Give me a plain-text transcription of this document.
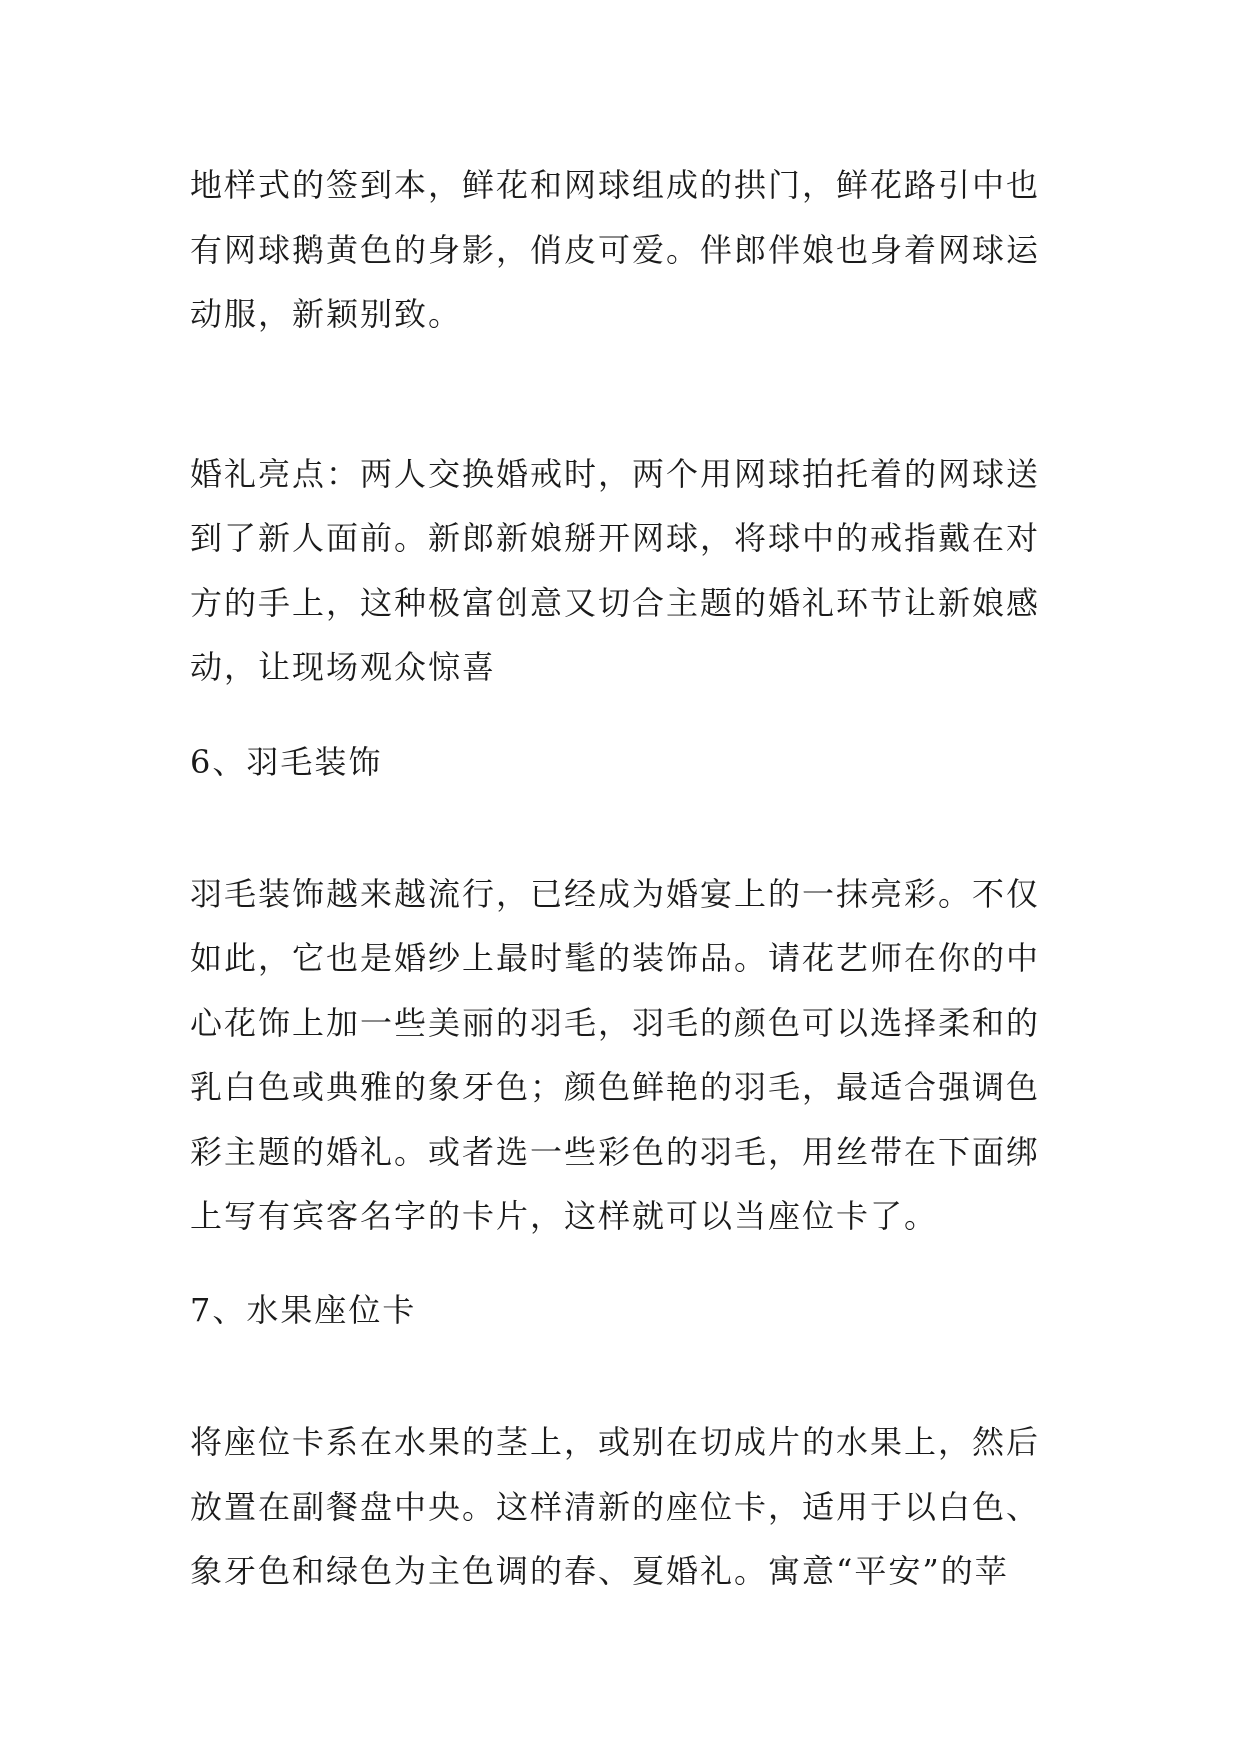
地样式的签到本，鲜花和网球组成的拱门，鲜花路引中也
有网球鹅黄色的身影，俏皮可爱。伴郎伴娘也身着网球运
动服，新颖别致。
婚礼亮点：两人交换婚戒时，两个用网球拍托着的网球送
到了新人面前。新郎新娘掰开网球，将球中的戒指戴在对
方的手上，这种极富创意又切合主题的婚礼环节让新娘感
动，让现场观众惊喜
6、羽毛装饰
羽毛装饰越来越流行，已经成为婚宴上的一抹亮彩。不仅
如此，它也是婚纱上最时髦的装饰品。请花艺师在你的中
心花饰上加一些美丽的羽毛，羽毛的颜色可以选择柔和的
乳白色或典雅的象牙色；颜色鲜艳的羽毛，最适合强调色
彩主题的婚礼。或者选一些彩色的羽毛，用丝带在下面绑
上写有宾客名字的卡片，这样就可以当座位卡了。
7、水果座位卡
将座位卡系在水果的茎上，或别在切成片的水果上，然后
放置在副餐盘中央。这样清新的座位卡，适用于以白色、
象牙色和绿色为主色调的春、夏婚礼。寓意“平安”的苹
